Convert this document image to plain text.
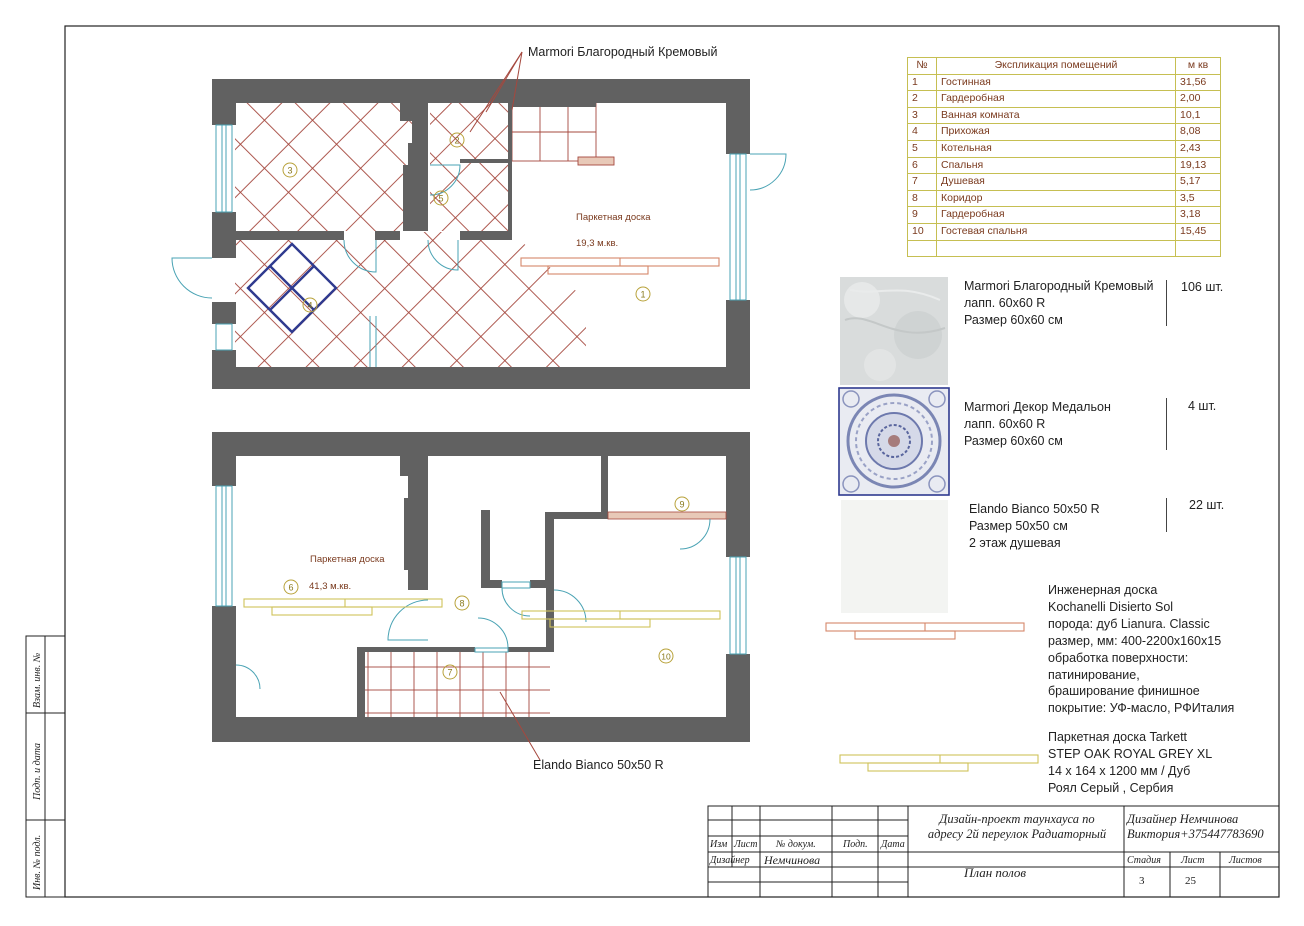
Взам. инв. №
Подп. и дата
Инв. № подл.
1
2
3
4
5
Паркетная доска
19,3 м.кв.
Marmori Благородный Кремовый
6
7
8
9
10
Паркетная доска
41,3 м.кв.
Elando Bianco 50x50 R
№	Экспликация помещений	м кв
1	Гостинная	31,56
2	Гардеробная	2,00
3	Ванная комната	10,1
4	Прихожая	8,08
5	Котельная	2,43
6	Спальня	19,13
7	Душевая	5,17
8	Коридор	3,5
9	Гардеробная	3,18
10	Гостевая спальня	15,45

Marmori Благородный Кремовый
лапп. 60x60 R
Размер 60x60 см
106 шт.
Marmori Декор Медальон
лапп. 60x60 R
Размер 60x60 см
4 шт.
Elando Bianco 50x50 R
Размер 50x50 см
2 этаж душевая
22 шт.
Инженерная доска
Kochanelli Disierto Sol
порода: дуб Lianura. Classic
размер, мм: 400-2200x160x15
обработка поверхности:
патинирование,
браширование финишное
покрытие: УФ-масло, РФИталия
Паркетная доска Tarkett
STEP OAK ROYAL GREY XL
14 x 164 x 1200 мм / Дуб
Роял Серый , Сербия
Изм Лист № докум.	Подп. Дата
Дизайнер Немчинова
Дизайн-проект таунхауса по
адресу 2й переулок Радиаторный
Дизайнер Немчинова
Виктория+375447783690
План полов
Стадия Лист Листов
3	25
